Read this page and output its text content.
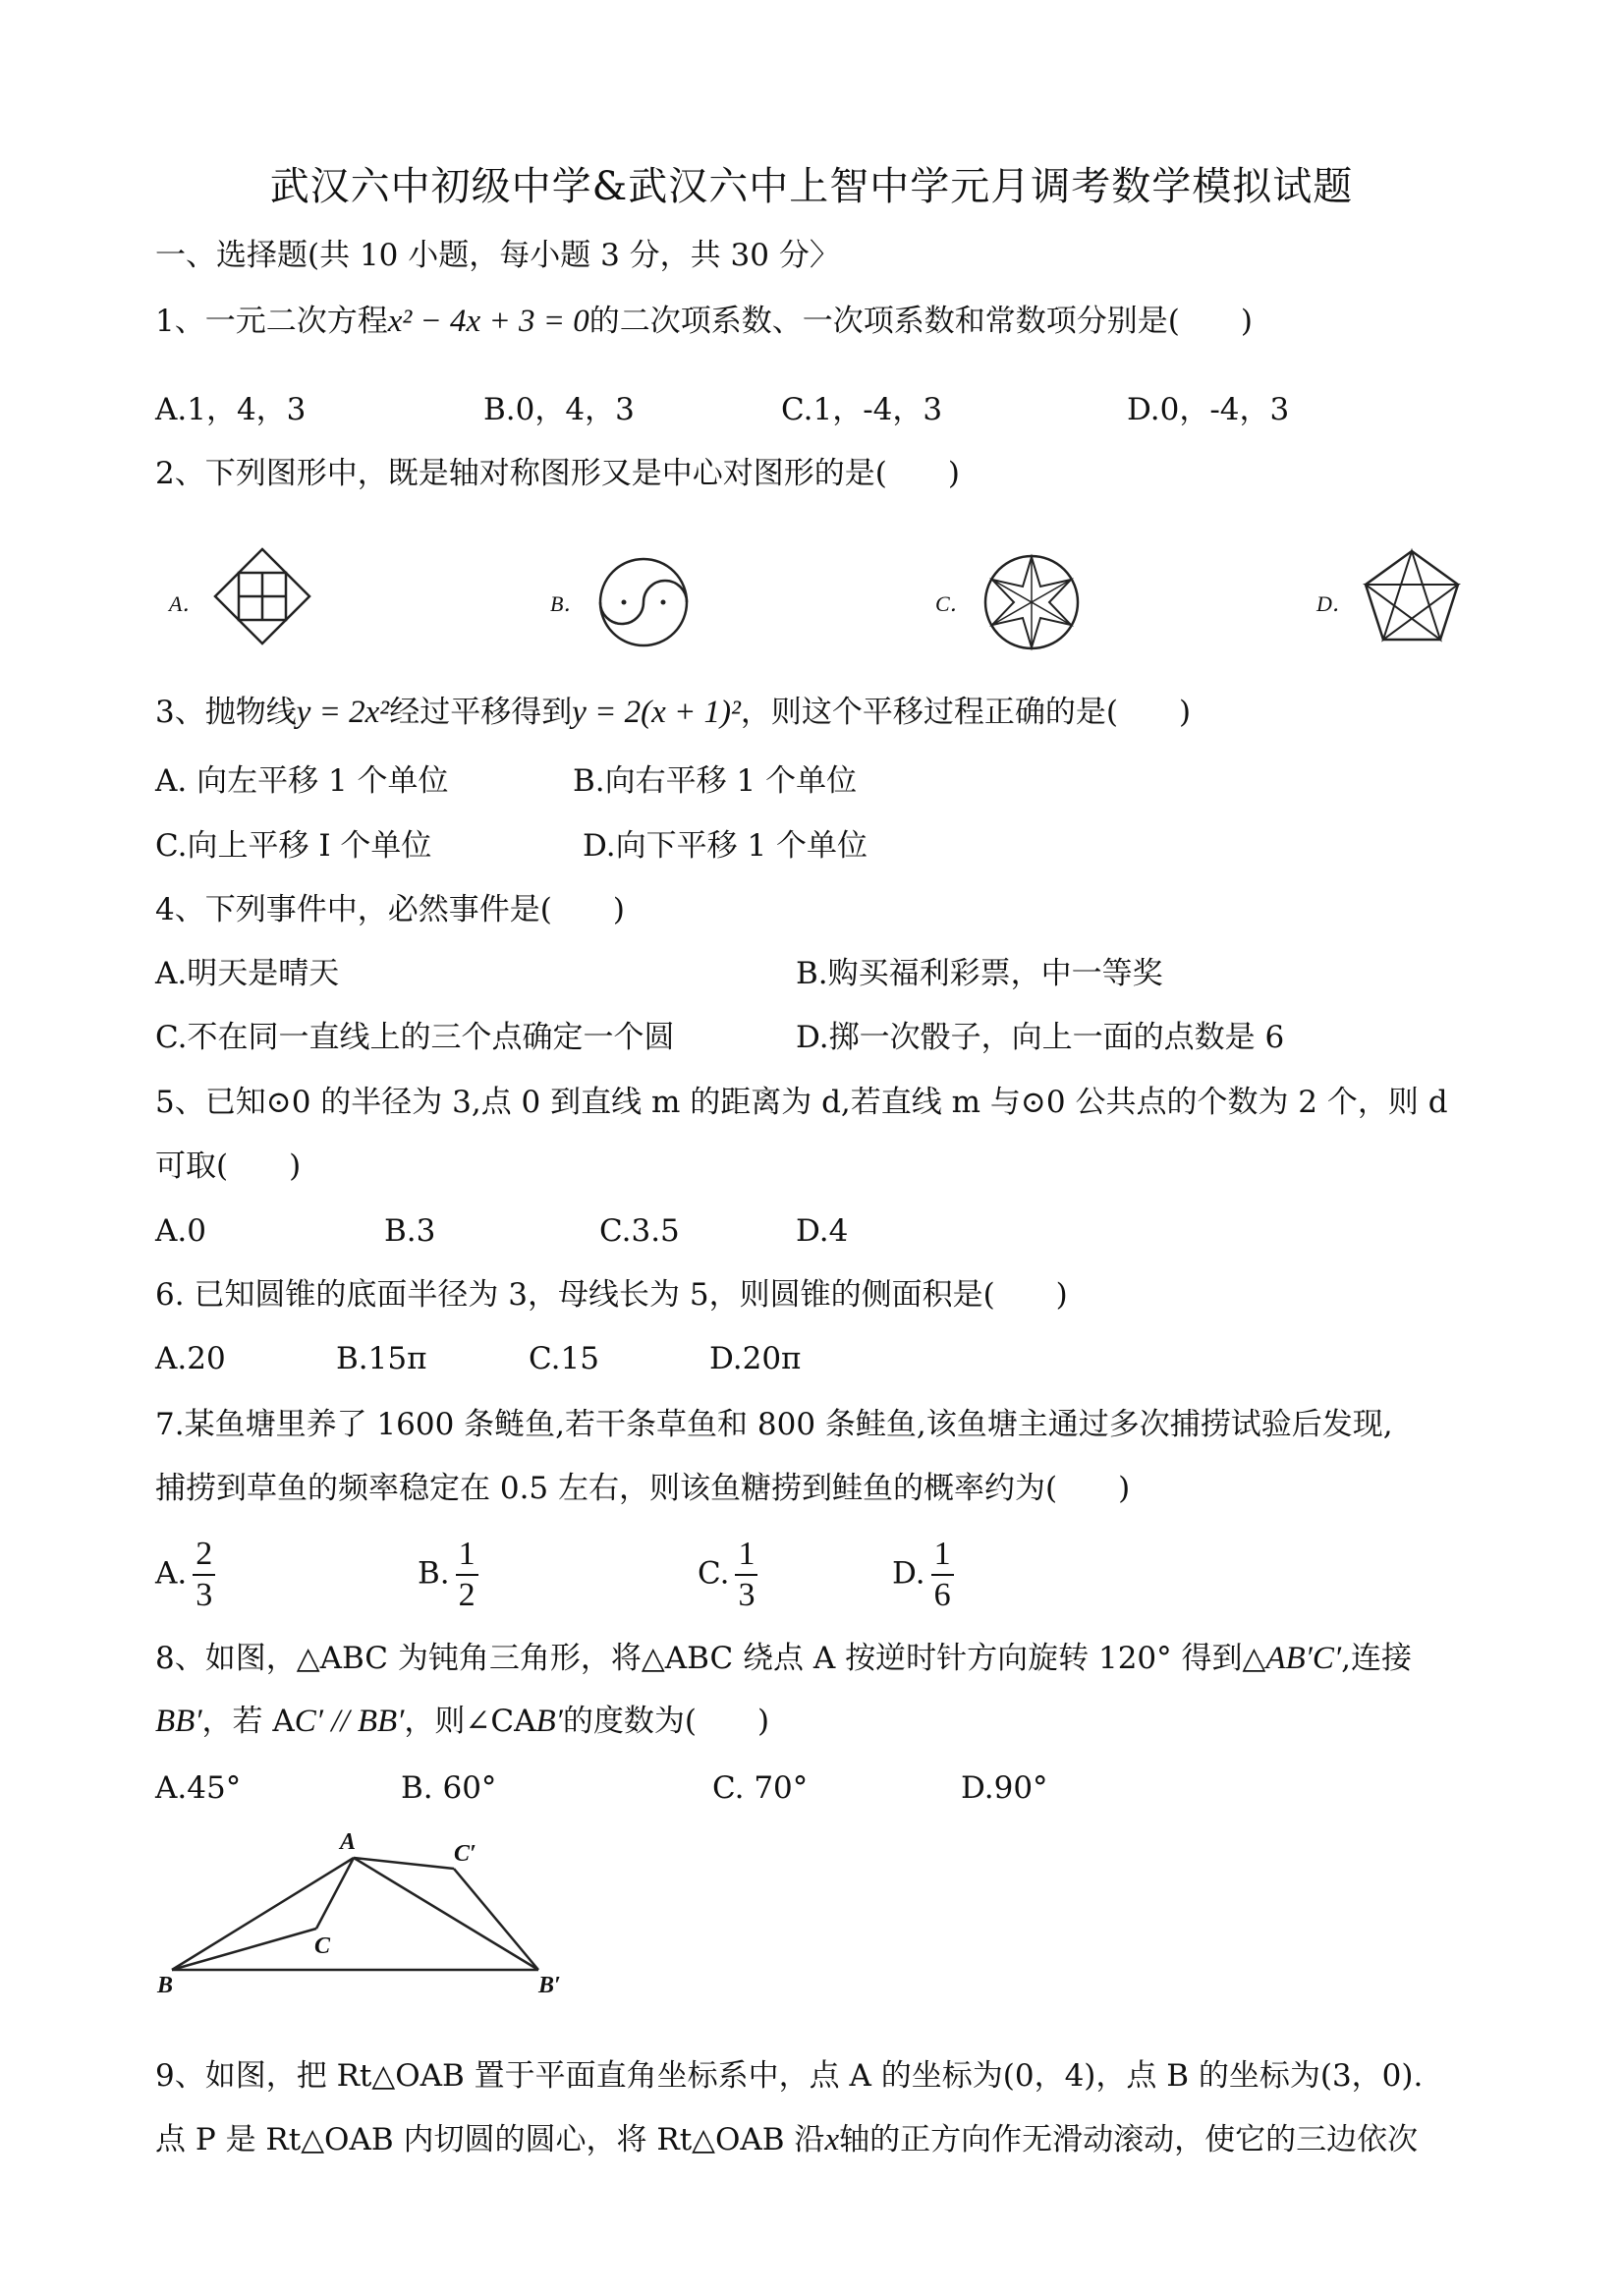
武汉六中初级中学&武汉六中上智中学元月调考数学模拟试题
一、选择题(共 10 小题，每小题 3 分，共 30 分〉
1、一元二次方程x² − 4x + 3 = 0的二次项系数、一次项系数和常数项分别是(　　)
A.1，4，3	B.0，4，3	C.1，-4，3	D.0，-4，3
2、下列图形中，既是轴对称图形又是中心对图形的是(　　)
A．	B．	C．	D．
3、抛物线y = 2x²经过平移得到y = 2(x + 1)²，则这个平移过程正确的是(　　)
A. 向左平移 1 个单位	B.向右平移 1 个单位
C.向上平移 I 个单位	D.向下平移 1 个单位
4、下列事件中，必然事件是(　　)
A.明天是晴天	B.购买福利彩票，中一等奖
C.不在同一直线上的三个点确定一个圆	D.掷一次骰子，向上一面的点数是 6
5、已知⊙0 的半径为 3,点 0 到直线 m 的距离为 d,若直线 m 与⊙0 公共点的个数为 2 个，则 d
可取(　　)
A.0	B.3	C.3.5	D.4
6. 已知圆锥的底面半径为 3，母线长为 5，则圆锥的侧面积是(　　)
A.20	B.15π	C.15	D.20π
7.某鱼塘里养了 1600 条鲢鱼,若干条草鱼和 800 条鲑鱼,该鱼塘主通过多次捕捞试验后发现,
捕捞到草鱼的频率稳定在 0.5 左右，则该鱼糖捞到鲑鱼的概率约为(　　)
A. $\frac{2}{3}$	B. $\frac{1}{2}$	C. $\frac{1}{3}$	D. $\frac{1}{6}$
8、如图，△ABC 为钝角三角形，将△ABC 绕点 A 按逆时针方向旋转 120° 得到△AB′C′,连接
BB′，若 AC′ // BB′，则∠CAB′的度数为(　　)
A.45°	B. 60°	C. 70°	D.90°
A	C′
C
B	B′
9、如图，把 Rt△OAB 置于平面直角坐标系中，点 A 的坐标为(0，4)，点 B 的坐标为(3，0).
点 P 是 Rt△OAB 内切圆的圆心，将 Rt△OAB 沿x轴的正方向作无滑动滚动，使它的三边依次
